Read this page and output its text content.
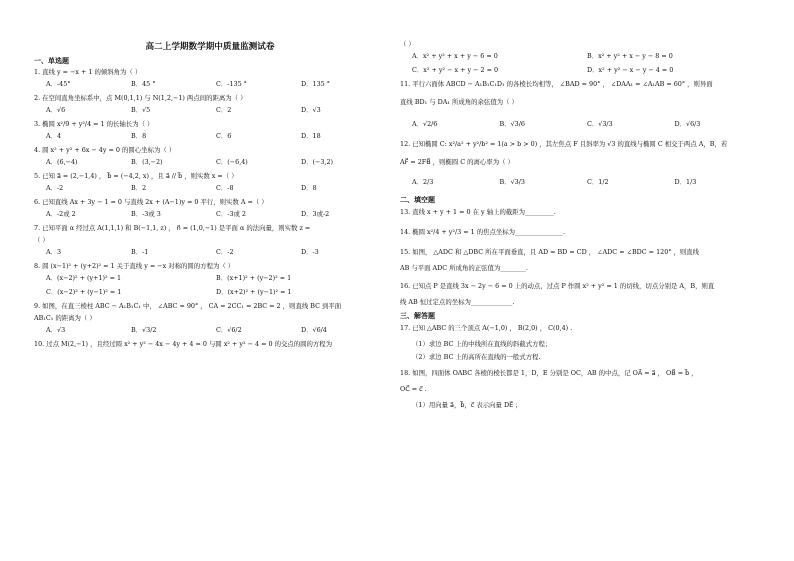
高二上学期数学期中质量监测试卷
一、单选题
1. 直线 y = −x + 1 的倾斜角为（ ）
A．-45°	B．45 °	C．-135 °	D．135 °
2. 在空间直角坐标系中，点 M(0,1,1) 与 N(1,2,−1) 两点间的距离为（ ）
A．√6	B．√5	C．2	D．√3
3. 椭圆 x²/9 + y²/4 = 1 的长轴长为（ ）
A．4	B．8	C．6	D．18
4. 圆 x² + y² + 6x − 4y = 0 的圆心坐标为（ ）
A．(6,−4)	B．(3,−2)	C．(−6,4)	D．(−3,2)
5. 已知 a⃗ = (2,−1,4) ， b⃗ = (−4,2, x) ，且 a⃗ // b⃗ ，则实数 x =（ ）
A．-2	B．2	C．-8	D．8
6. 已知直线 Ax + 3y − 1 = 0 与直线 2x + (A−1)y = 0 平行，则实数 A =（ ）
A．-2或 2	B．-3或 3	C．-3或 2	D．3或-2
7. 已知平面 α 经过点 A(1,1,1) 和 B(−1,1, z) ， n⃗ = (1,0,−1) 是平面 α 的法向量，则实数 z =
（ ）
A．3	B．-1	C．-2	D．-3
8. 圆 (x−1)² + (y+2)² = 1 关于直线 y = −x 对称的圆的方程为（ ）
A．(x−2)² + (y+1)² = 1	B．(x+1)² + (y−2)² = 1
C．(x−2)² + (y−1)² = 1	D．(x+2)² + (y−1)² = 1
9. 如图，在直三棱柱 ABC − A₁B₁C₁ 中， ∠ABC = 90° ， CA = 2CC₁ = 2BC = 2 ，则直线 BC 到平面
AB₁C₁ 的距离为（ ）
A．√3	B．√3/2	C．√6/2	D．√6/4
10. 过点 M(2,−1) ，且经过圆 x² + y² − 4x − 4y + 4 = 0 与圆 x² + y² − 4 = 0 的交点的圆的方程为
（ ）
A．x² + y² + x + y − 6 = 0	B．x² + y² + x − y − 8 = 0
C．x² + y² − x + y − 2 = 0	D．x² + y² − x − y − 4 = 0
11. 平行六面体 ABCD − A₁B₁C₁D₁ 的各棱长均相等， ∠BAD = 90° ， ∠DAA₁ = ∠A₁AB = 60° ，则异面
直线 BD₁ 与 DA₁ 所成角的余弦值为（ ）
A．√2/6	B．√3/6	C．√3/3	D．√6/3
12. 已知椭圆 C: x²/a² + y²/b² = 1(a > b > 0) ，其左焦点 F 且斜率为 √3 的直线与椭圆 C 相交于两点 A，B，若
AF⃗ = 2FB⃗ ，则椭圆 C 的离心率为（ ）
A．2/3	B．√3/3	C．1/2	D．1/3
二、填空题
13. 直线 x + y + 1 = 0 在 y 轴上的截距为_________.
14. 椭圆 x²/4 + y²/3 = 1 的焦点坐标为_______________.
15. 如图， △ADC 和 △DBC 所在平面垂直，且 AD = BD = CD ， ∠ADC = ∠BDC = 120° ，则直线
AB 与平面 ADC 所成角的正弦值为________.
16. 已知点 P 是直线 3x − 2y − 6 = 0 上的动点，过点 P 作圆 x² + y² = 1 的切线，切点分别是 A，B，则直
线 AB 恒过定点的坐标为_____________.
三、解答题
17. 已知 △ABC 的三个顶点 A(−1,0) ， B(2,0) ， C(0,4) .
（1）求边 BC 上的中线所在直线的斜截式方程；
（2）求边 BC 上的高所在直线的一般式方程.
18. 如图，四面体 OABC 各棱的棱长都是 1，D，E 分别是 OC，AB 的中点，记 OA⃗ = a⃗ ， OB⃗ = b⃗ ，
OC⃗ = c⃗ .
（1）用向量 a⃗，b⃗，c⃗ 表示向量 DE⃗ ；
